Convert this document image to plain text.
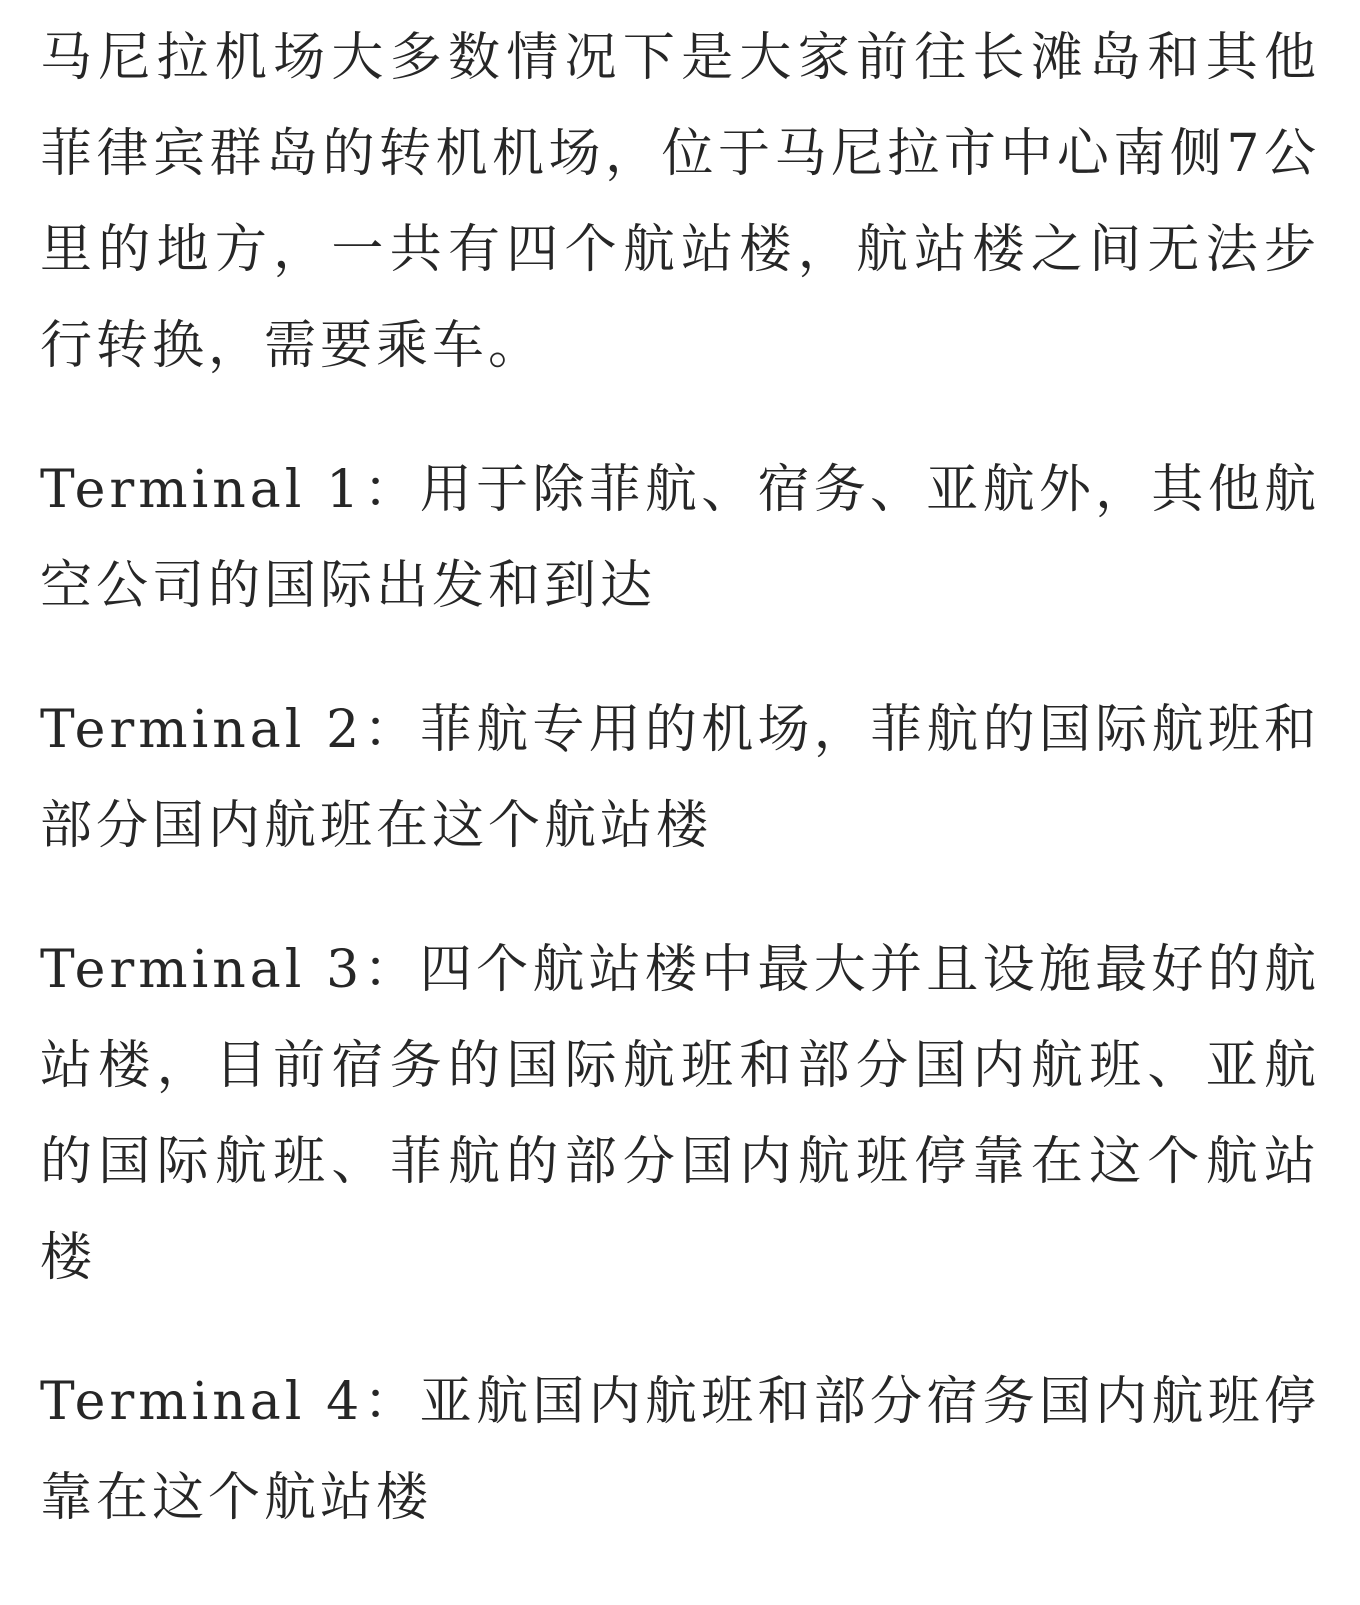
马尼拉机场大多数情况下是大家前往长滩岛和其他菲律宾群岛的转机机场，位于马尼拉市中心南侧7公里的地方，一共有四个航站楼，航站楼之间无法步行转换，需要乘车。

Terminal 1：用于除菲航、宿务、亚航外，其他航空公司的国际出发和到达

Terminal 2：菲航专用的机场，菲航的国际航班和部分国内航班在这个航站楼

Terminal 3：四个航站楼中最大并且设施最好的航站楼，目前宿务的国际航班和部分国内航班、亚航的国际航班、菲航的部分国内航班停靠在这个航站楼

Terminal 4：亚航国内航班和部分宿务国内航班停靠在这个航站楼
